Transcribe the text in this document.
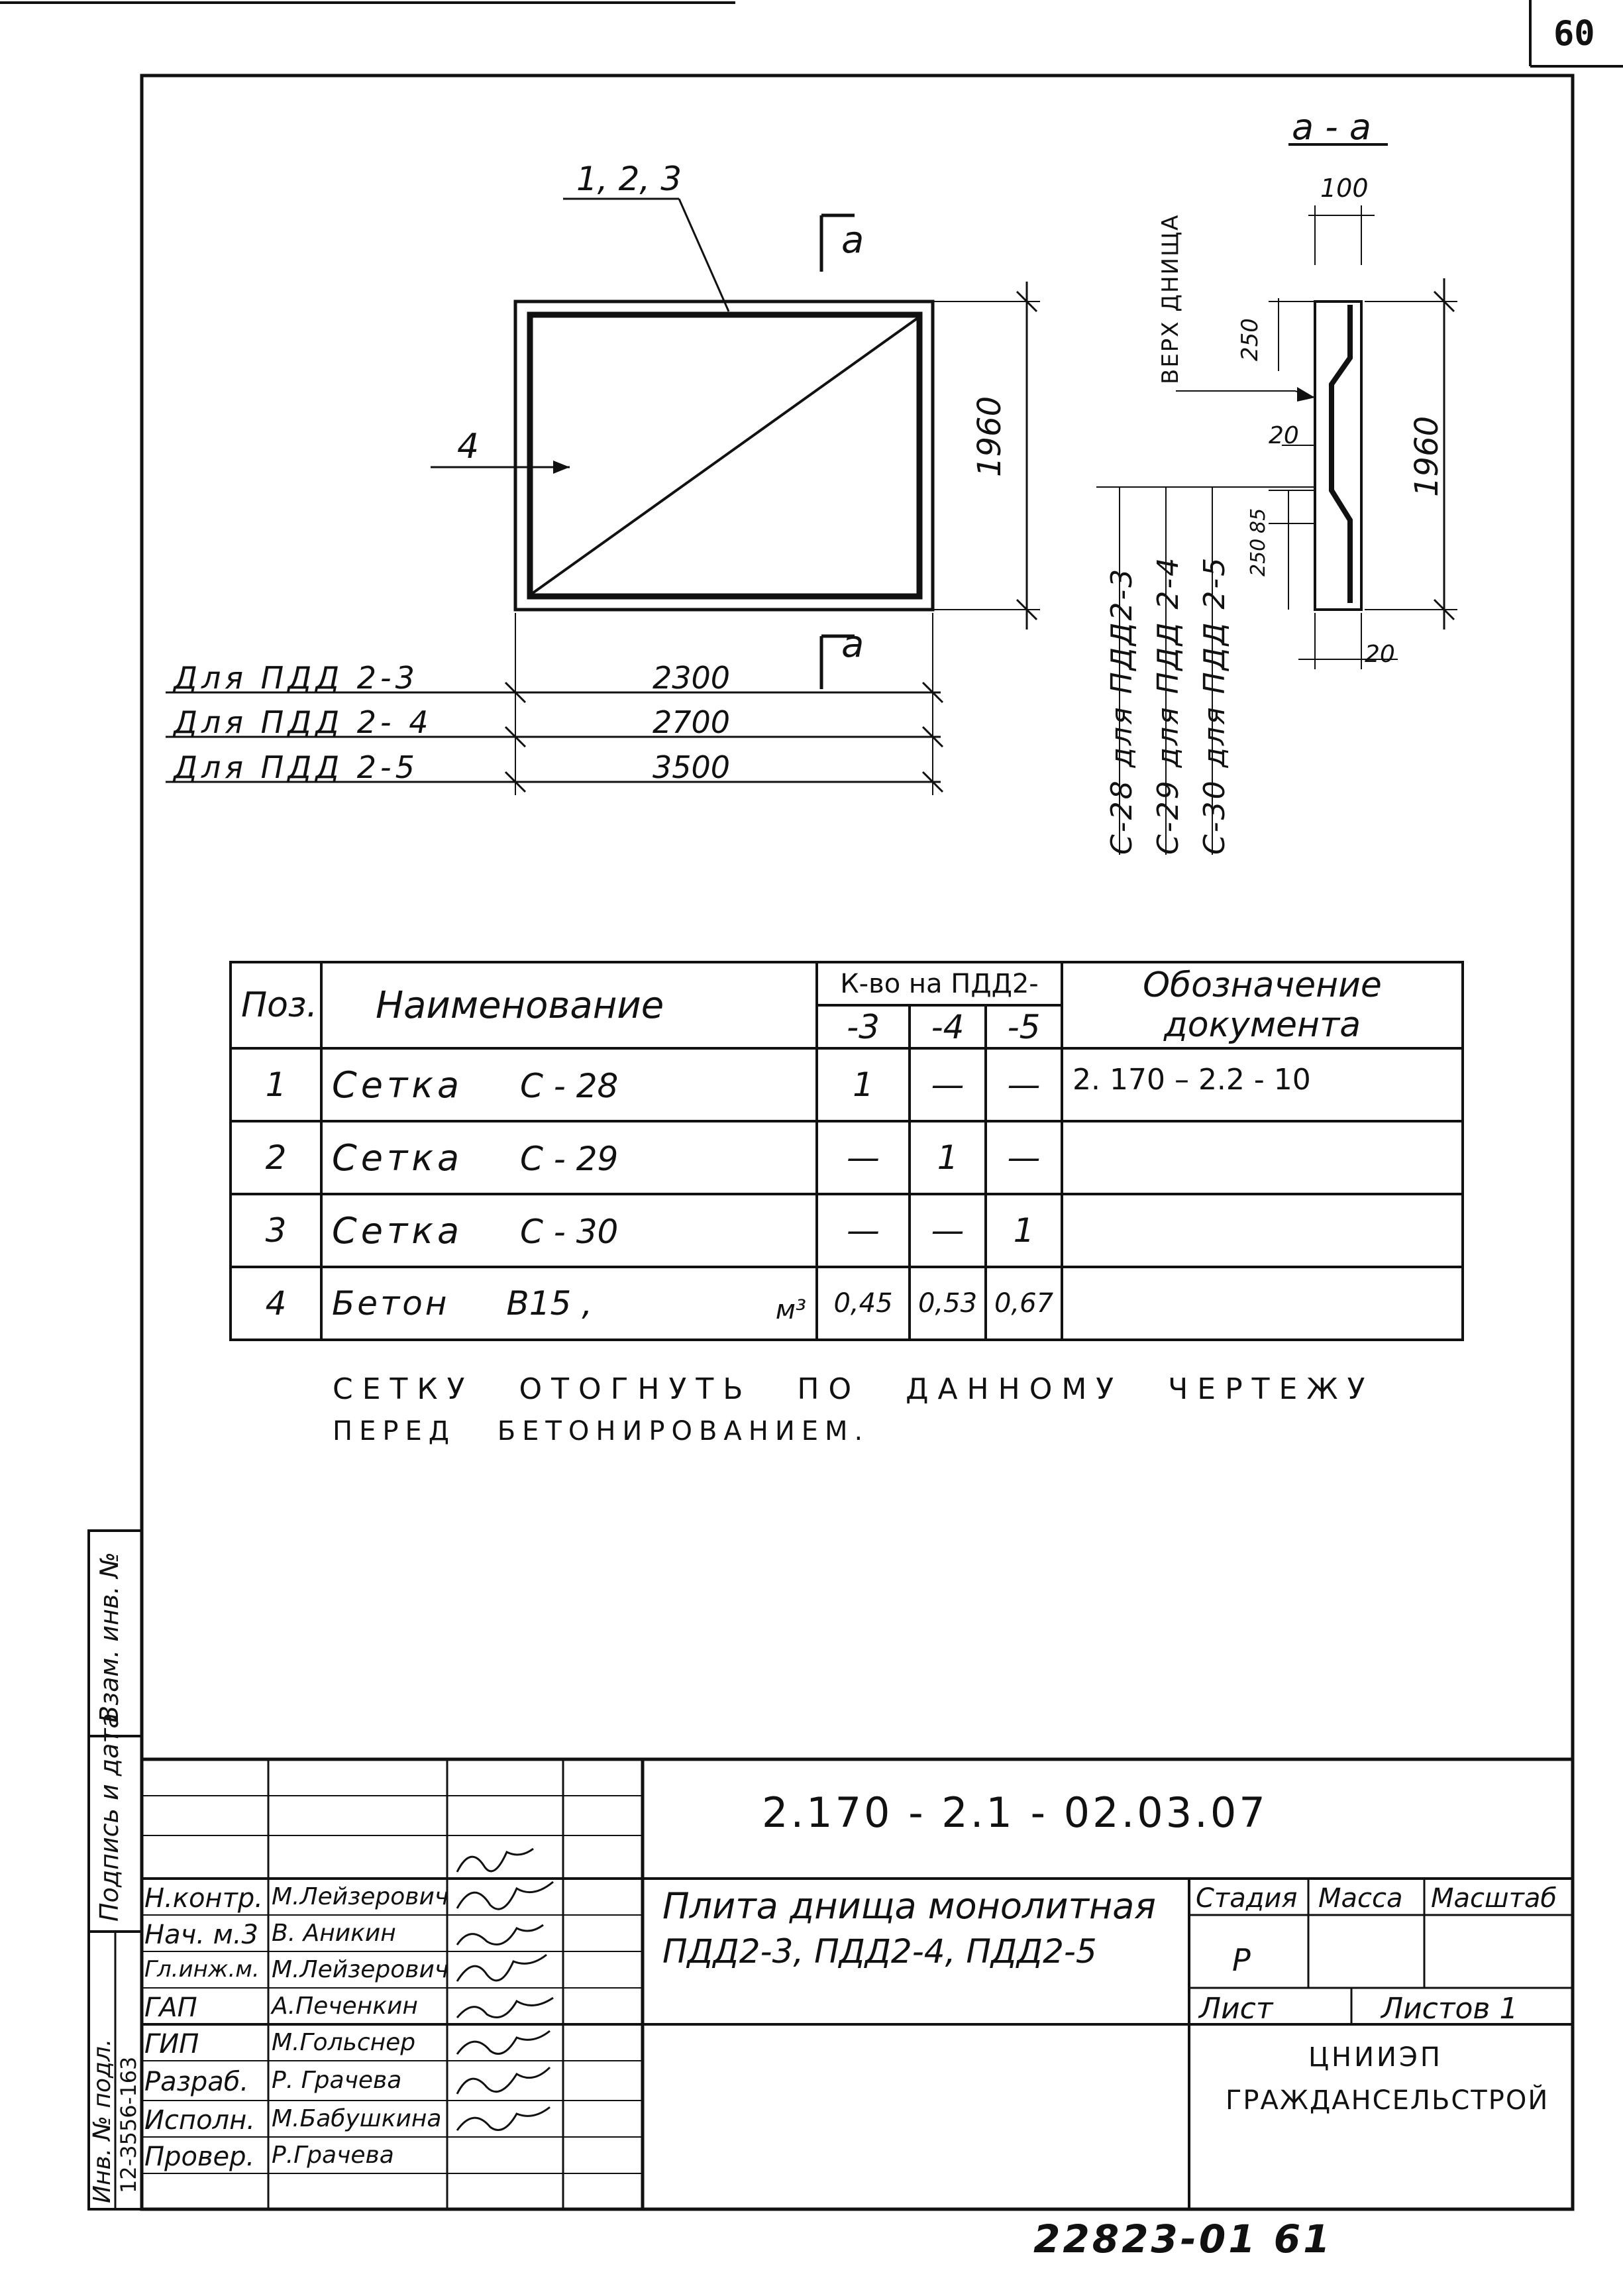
60
1, 2, 3
4
a
a
1960
Для ПДД 2-3	2300
Для ПДД 2- 4	2700
Для ПДД 2-5	3500
а - а
100
ВЕРХ ДНИЩА 250
20	1960
250
85
20
С-28 для ПДД2-3 С-29 для ПДД 2-4 С-30 для ПДД 2-5
Поз.	Наименование	К-во на ПДД2-			Обозначение документа
		-3	-4	-5	
1	Сетка С - 28	1	—	—	2. 170 – 2.2 - 10
2	Сетка С - 29	—	1	—	
3	Сетка С - 30	—	—	1	
4	Бетон В15 , м³	0,45	0,53	0,67	
СЕТКУ ОТОГНУТЬ ПО ДАННОМУ ЧЕРТЕЖУ
ПЕРЕД БЕТОНИРОВАНИЕМ.
Взам. инв. №
Подпись и дата
Инв. № подл. 12-3556-163
2.170 - 2.1 - 02.03.07
Плита днища монолитная
ПДД2-3, ПДД2-4, ПДД2-5
Стадия Масса Масштаб
Р
Лист	Листов 1
ЦНИИЭП
ГРАЖДАНСЕЛЬСТРОЙ
Н.контр. М.Лейзерович
Нач. м.3 В. Аникин
Гл.инж.м. М.Лейзерович
ГАП	А.Печенкин
ГИП	М.Гольснер
Разраб. Р. Грачева
Исполн. М.Бабушкина
Провер. Р.Грачева
22823-01 61
